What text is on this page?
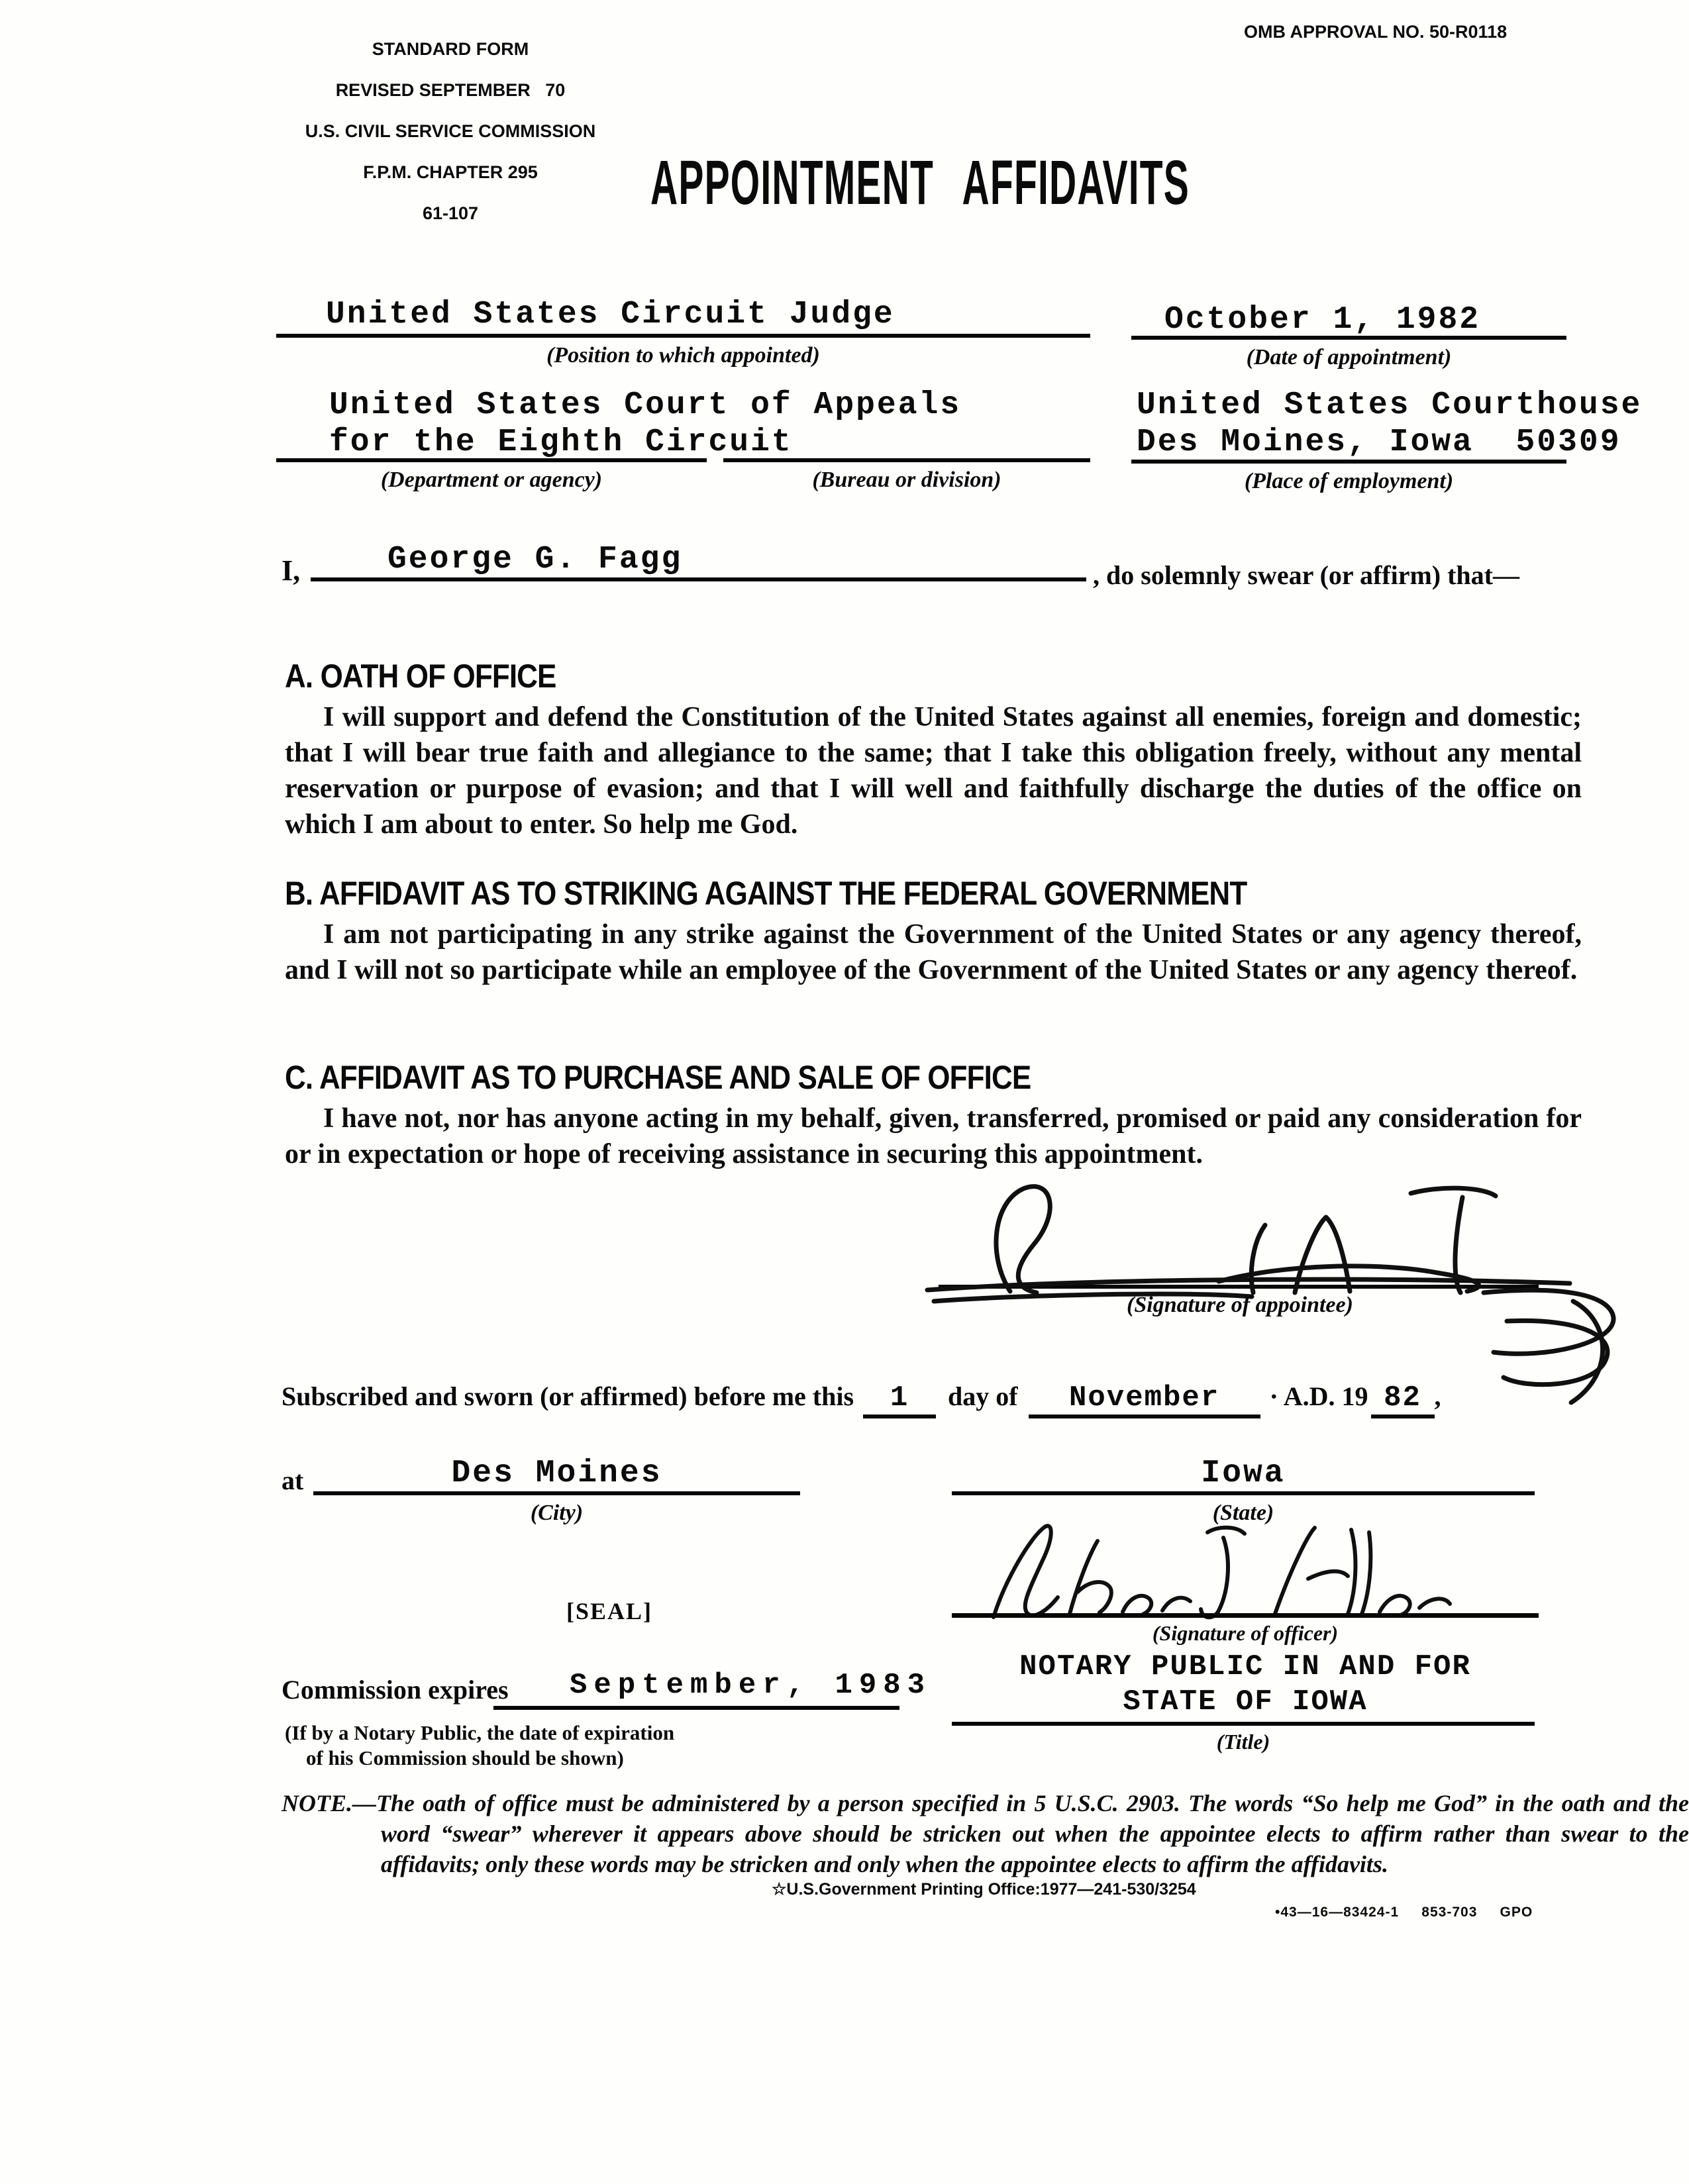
STANDARD FORM

REVISED SEPTEMBER   70

U.S. CIVIL SERVICE COMMISSION

F.P.M. CHAPTER 295

61-107

OMB APPROVAL NO. 50-R0118
APPOINTMENT AFFIDAVITS
United States Circuit Judge
(Position to which appointed)
October 1, 1982
(Date of appointment)
United States Court of Appeals
for the Eighth Circuit
(Department or agency)	(Bureau or division)
United States Courthouse
Des Moines, Iowa  50309
(Place of employment)
I,	George G. Fagg	, do solemnly swear (or affirm) that—
A. OATH OF OFFICE
I will support and defend the Constitution of the United States against all enemies, foreign and domestic; that I will bear true faith and allegiance to the same; that I take this obligation freely, without any mental reservation or purpose of evasion; and that I will well and faithfully discharge the duties of the office on which I am about to enter. So help me God.
B. AFFIDAVIT AS TO STRIKING AGAINST THE FEDERAL GOVERNMENT
I am not participating in any strike against the Government of the United States or any agency thereof, and I will not so participate while an employee of the Government of the United States or any agency thereof.
C. AFFIDAVIT AS TO PURCHASE AND SALE OF OFFICE
I have not, nor has anyone acting in my behalf, given, transferred, promised or paid any consideration for or in expectation or hope of receiving assistance in securing this appointment.
(Signature of appointee)
Subscribed and sworn (or affirmed) before me this	1	day of	November	· A.D. 19 82 ,
at	Des Moines
(City)
Iowa
(State)
[SEAL]
(Signature of officer)
NOTARY PUBLIC IN AND FOR
STATE OF IOWA
(Title)
Commission expires September, 1983
(If by a Notary Public, the date of expiration
of his Commission should be shown)
NOTE.—The oath of office must be administered by a person specified in 5 U.S.C. 2903. The words “So help me God” in the oath and the word “swear” wherever it appears above should be stricken out when the appointee elects to affirm rather than swear to the affidavits; only these words may be stricken and only when the appointee elects to affirm the affidavits.
☆U.S.Government Printing Office:1977—241-530/3254
•43—16—83424-1     853-703     GPO
